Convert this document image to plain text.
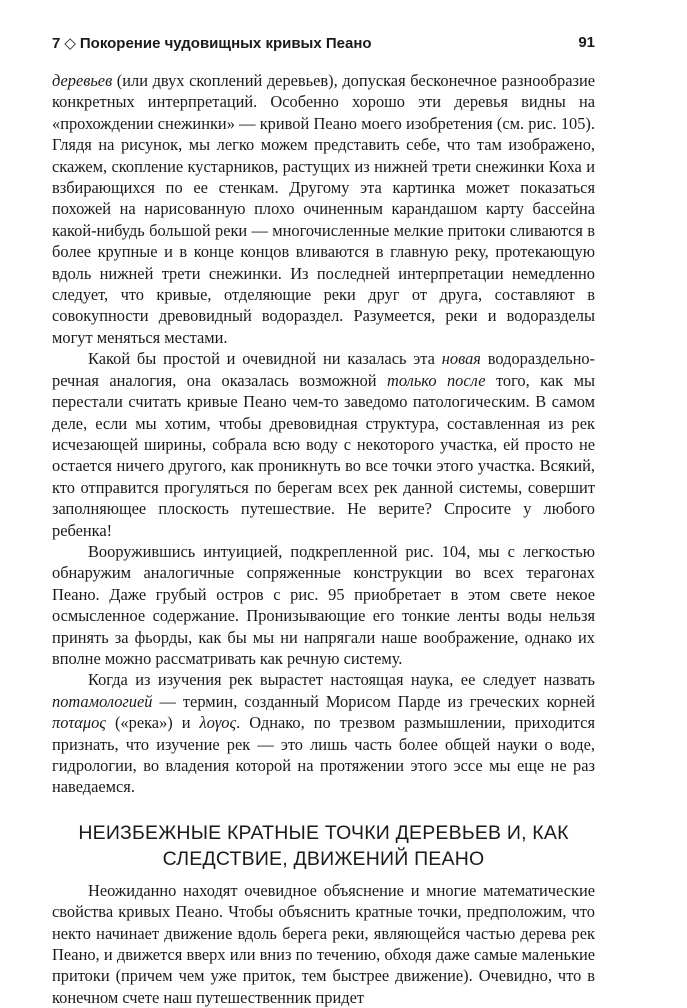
7 ◇ Покорение чудовищных кривых Пеано	91

деревьев (или двух скоплений деревьев), допуская бесконечное разнообразие конкретных интерпретаций. Особенно хорошо эти деревья видны на «прохождении снежинки» — кривой Пеано моего изобретения (см. рис. 105). Глядя на рисунок, мы легко можем представить себе, что там изображено, скажем, скопление кустарников, растущих из нижней трети снежинки Коха и взбирающихся по ее стенкам. Другому эта картинка может показаться похожей на нарисованную плохо очиненным карандашом карту бассейна какой-нибудь большой реки — многочисленные мелкие притоки сливаются в более крупные и в конце концов вливаются в главную реку, протекающую вдоль нижней трети снежинки. Из последней интерпретации немедленно следует, что кривые, отделяющие реки друг от друга, составляют в совокупности древовидный водораздел. Разумеется, реки и водоразделы могут меняться местами.

Какой бы простой и очевидной ни казалась эта новая водораздельноречная аналогия, она оказалась возможной только после того, как мы перестали считать кривые Пеано чем-то заведомо патологическим. В самом деле, если мы хотим, чтобы древовидная структура, составленная из рек исчезающей ширины, собрала всю воду с некоторого участка, ей просто не остается ничего другого, как проникнуть во все точки этого участка. Всякий, кто отправится прогуляться по берегам всех рек данной системы, совершит заполняющее плоскость путешествие. Не верите? Спросите у любого ребенка!

Вооружившись интуицией, подкрепленной рис. 104, мы с легкостью обнаружим аналогичные сопряженные конструкции во всех терагонах Пеано. Даже грубый остров с рис. 95 приобретает в этом свете некое осмысленное содержание. Пронизывающие его тонкие ленты воды нельзя принять за фьорды, как бы мы ни напрягали наше воображение, однако их вполне можно рассматривать как речную систему.

Когда из изучения рек вырастет настоящая наука, ее следует назвать потамологией — термин, созданный Морисом Парде из греческих корней ποταμος («река») и λογος. Однако, по трезвом размышлении, приходится признать, что изучение рек — это лишь часть более общей науки о воде, гидрологии, во владения которой на протяжении этого эссе мы еще не раз наведаемся.

НЕИЗБЕЖНЫЕ КРАТНЫЕ ТОЧКИ ДЕРЕВЬЕВ И, КАК СЛЕДСТВИЕ, ДВИЖЕНИЙ ПЕАНО

Неожиданно находят очевидное объяснение и многие математические свойства кривых Пеано. Чтобы объяснить кратные точки, предположим, что некто начинает движение вдоль берега реки, являющейся частью дерева рек Пеано, и движется вверх или вниз по течению, обходя даже самые маленькие притоки (причем чем уже приток, тем быстрее движение). Очевидно, что в конечном счете наш путешественник придет
